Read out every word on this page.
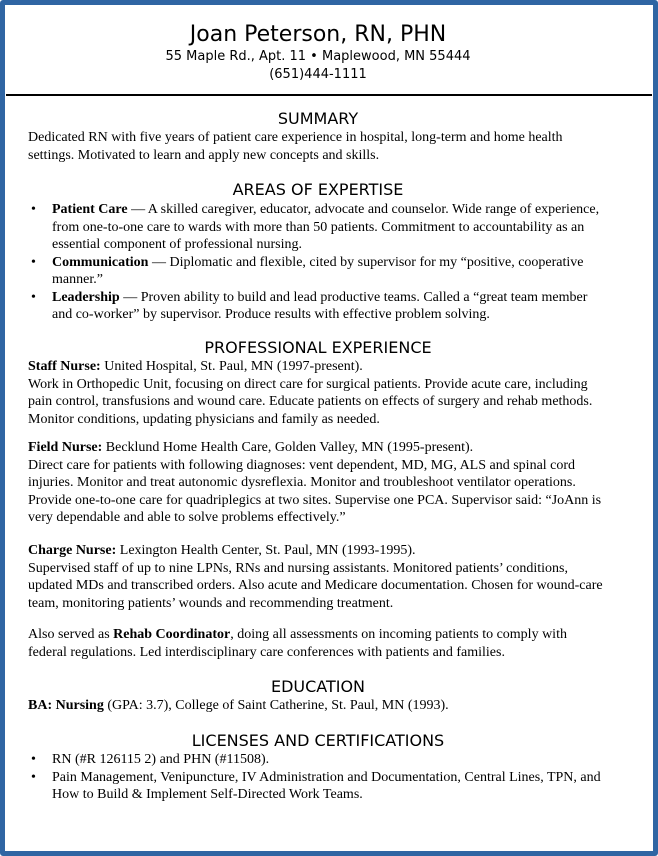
Joan Peterson, RN, PHN
55 Maple Rd., Apt. 11 • Maplewood, MN 55444
(651)444-1111
SUMMARY
Dedicated RN with five years of patient care experience in hospital, long-term and home health settings. Motivated to learn and apply new concepts and skills.
AREAS OF EXPERTISE
• Patient Care — A skilled caregiver, educator, advocate and counselor. Wide range of experience, from one-to-one care to wards with more than 50 patients. Commitment to accountability as an essential component of professional nursing.
• Communication — Diplomatic and flexible, cited by supervisor for my “positive, cooperative manner.”
• Leadership — Proven ability to build and lead productive teams. Called a “great team member and co-worker” by supervisor. Produce results with effective problem solving.
PROFESSIONAL EXPERIENCE
Staff Nurse: United Hospital, St. Paul, MN (1997-present).
Work in Orthopedic Unit, focusing on direct care for surgical patients. Provide acute care, including pain control, transfusions and wound care. Educate patients on effects of surgery and rehab methods. Monitor conditions, updating physicians and family as needed.
Field Nurse: Becklund Home Health Care, Golden Valley, MN (1995-present).
Direct care for patients with following diagnoses: vent dependent, MD, MG, ALS and spinal cord injuries. Monitor and treat autonomic dysreflexia. Monitor and troubleshoot ventilator operations. Provide one-to-one care for quadriplegics at two sites. Supervise one PCA. Supervisor said: “JoAnn is very dependable and able to solve problems effectively.”
Charge Nurse: Lexington Health Center, St. Paul, MN (1993-1995).
Supervised staff of up to nine LPNs, RNs and nursing assistants. Monitored patients’ conditions, updated MDs and transcribed orders. Also acute and Medicare documentation. Chosen for wound-care team, monitoring patients’ wounds and recommending treatment.
Also served as Rehab Coordinator, doing all assessments on incoming patients to comply with federal regulations. Led interdisciplinary care conferences with patients and families.
EDUCATION
BA: Nursing (GPA: 3.7), College of Saint Catherine, St. Paul, MN (1993).
LICENSES AND CERTIFICATIONS
• RN (#R 126115 2) and PHN (#11508).
• Pain Management, Venipuncture, IV Administration and Documentation, Central Lines, TPN, and How to Build & Implement Self-Directed Work Teams.
